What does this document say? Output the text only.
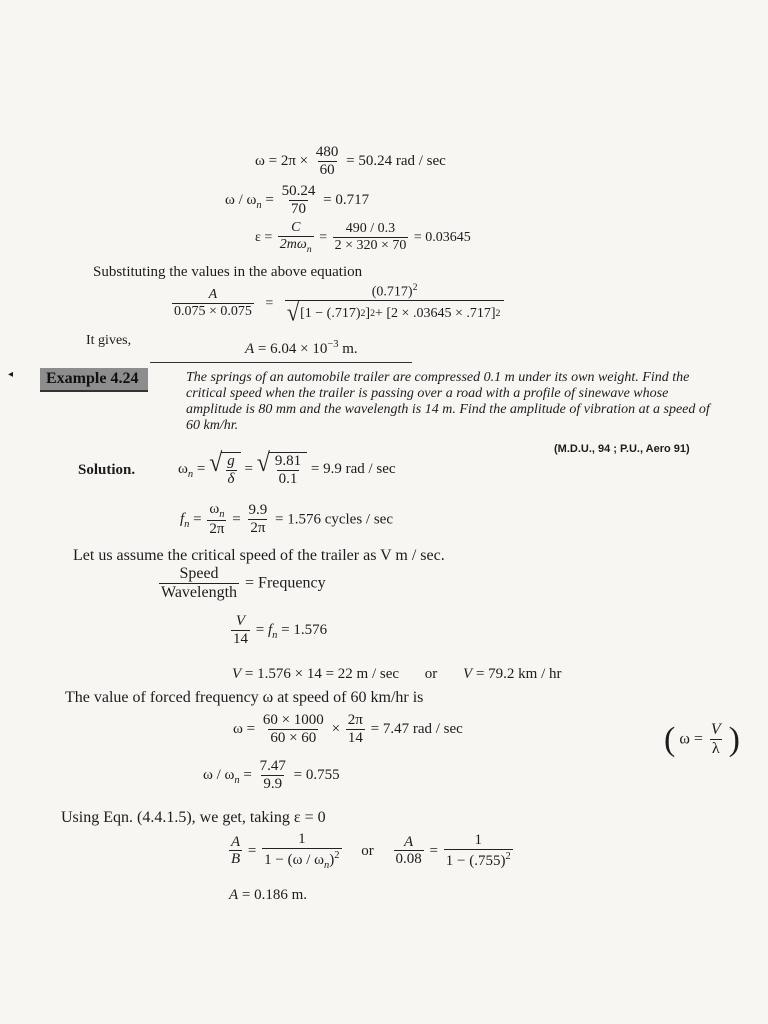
$\omega = 2\pi \times \frac{480}{60} = 50.24$ rad / sec
$\omega / \omega_n = \frac{50.24}{70} = 0.717$
$\varepsilon = \frac{C}{2m\omega_n} = \frac{490 / 0.3}{2 \times 320 \times 70} = 0.03645$
Substituting the values in the above equation
$\frac{A}{0.075 \times 0.075} = \frac{(0.717)^2}{√ [1 - (.717) 2 ] 2 + [2 \times .03645 \times .717] 2}$
It gives,
$A = 6.04 \times 10^{-3}$ m.
◂	Example 4.24	The springs of an automobile trailer are compressed 0.1 m under its own weight. Find the critical speed when the trailer is passing over a road with a profile of sinewave whose amplitude is 80 mm and the wavelength is 14 m. Find the amplitude of vibration at a speed of 60 km/hr.
(M.D.U., 94 ; P.U., Aero 91)
Solution.	$\omega_n$ = √ $\frac{g}{\delta}$ = √ $\frac{9.81}{0.1} = 9.9$ rad / sec
$f_n = \frac{\omega_n}{2\pi} = \frac{9.9}{2\pi} = 1.576$ cycles / sec
Let us assume the critical speed of the trailer as V m / sec.
$\frac{\text{Speed}}{\text{Wavelength}}$ = Frequency
$\frac{V}{14} = f_n = 1.576$
V = 1.576 × 14 = 22 m / sec or V = 79.2 km / hr
The value of forced frequency ω at speed of 60 km/hr is
$\omega = \frac{60 \times 1000}{60 \times 60} \times \frac{2\pi}{14} = 7.47$ rad / sec	( $\omega = \frac{V}{\lambda}$ )
$\omega / \omega_n = \frac{7.47}{9.9} = 0.755$
Using Eqn. (4.4.1.5), we get, taking ε = 0
$\frac{A}{B} = \frac{1}{1 - (\omega / \omega_n)^2}$ or $\frac{A}{0.08} = \frac{1}{1 - (.755)^2}$
A = 0.186 m.
